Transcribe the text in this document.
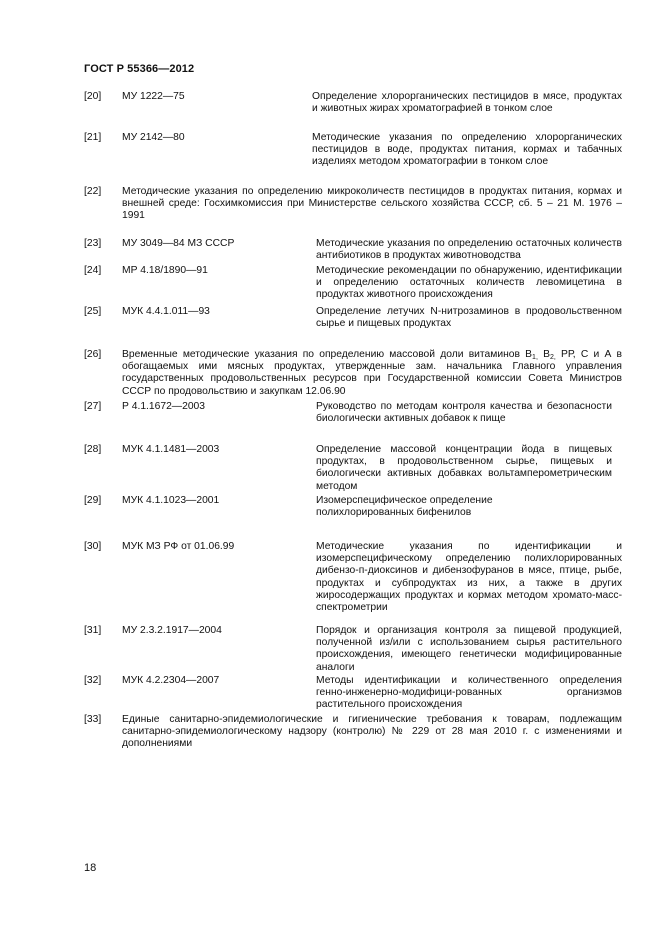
ГОСТ Р 55366—2012
[20] МУ 1222—75	Определение хлорорганических пестицидов в мясе, продуктах и животных жирах хроматографией в тонком слое
[21] МУ 2142—80	Методические указания по определению хлорорганических пестицидов в воде, продуктах питания, кормах и табачных изделиях методом хроматографии в тонком слое
[22] Методические указания по определению микроколичеств пестицидов в продуктах питания, кормах и внешней среде: Госхимкомиссия при Министерстве сельского хозяйства СССР, сб. 5 – 21 М. 1976 – 1991
[23] МУ 3049—84 МЗ СССР	Методические указания по определению остаточных количеств антибиотиков в продуктах животноводства
[24] МР 4.18/1890—91	Методические рекомендации по обнаружению, идентификации и определению остаточных количеств левомицетина в продуктах животного происхождения
[25] МУК 4.4.1.011—93	Определение летучих N-нитрозаминов в продовольственном сырье и пищевых продуктах
[26] Временные методические указания по определению массовой доли витаминов $B_{1,}$ $B_{2,}$ РР, С и А в обогащаемых ими мясных продуктах, утвержденные зам. начальника Главного управления государственных продовольственных ресурсов при Государственной комиссии Совета Министров СССР по продовольствию и закупкам 12.06.90
[27] Р 4.1.1672—2003	Руководство по методам контроля качества и безопасности биологически активных добавок к пище
[28] МУК 4.1.1481—2003	Определение массовой концентрации йода в пищевых продуктах, в продовольственном сырье, пищевых и биологически активных добавках вольтамперометрическим методом
[29] МУК 4.1.1023—2001	Изомерспецифическое определение полихлорированных бифенилов
[30] МУК МЗ РФ от 01.06.99	Методические указания по идентификации и изомерспецифическому определению полихлорированных дибензо-п-диоксинов и дибензофуранов в мясе, птице, рыбе, продуктах и субпродуктах из них, а также в других жиросодержащих продуктах и кормах методом хромато-масс-спектрометрии
[31] МУ 2.3.2.1917—2004	Порядок и организация контроля за пищевой продукцией, полученной из/или с использованием сырья растительного происхождения, имеющего генетически модифицированные аналоги
[32] МУК 4.2.2304—2007	Методы идентификации и количественного определения генно-инженерно-модифици-рованных организмов растительного происхождения
[33] Единые санитарно-эпидемиологические и гигиенические требования к товарам, подлежащим санитарно-эпидемиологическому надзору (контролю) № 229 от 28 мая 2010 г. с изменениями и дополнениями
18
